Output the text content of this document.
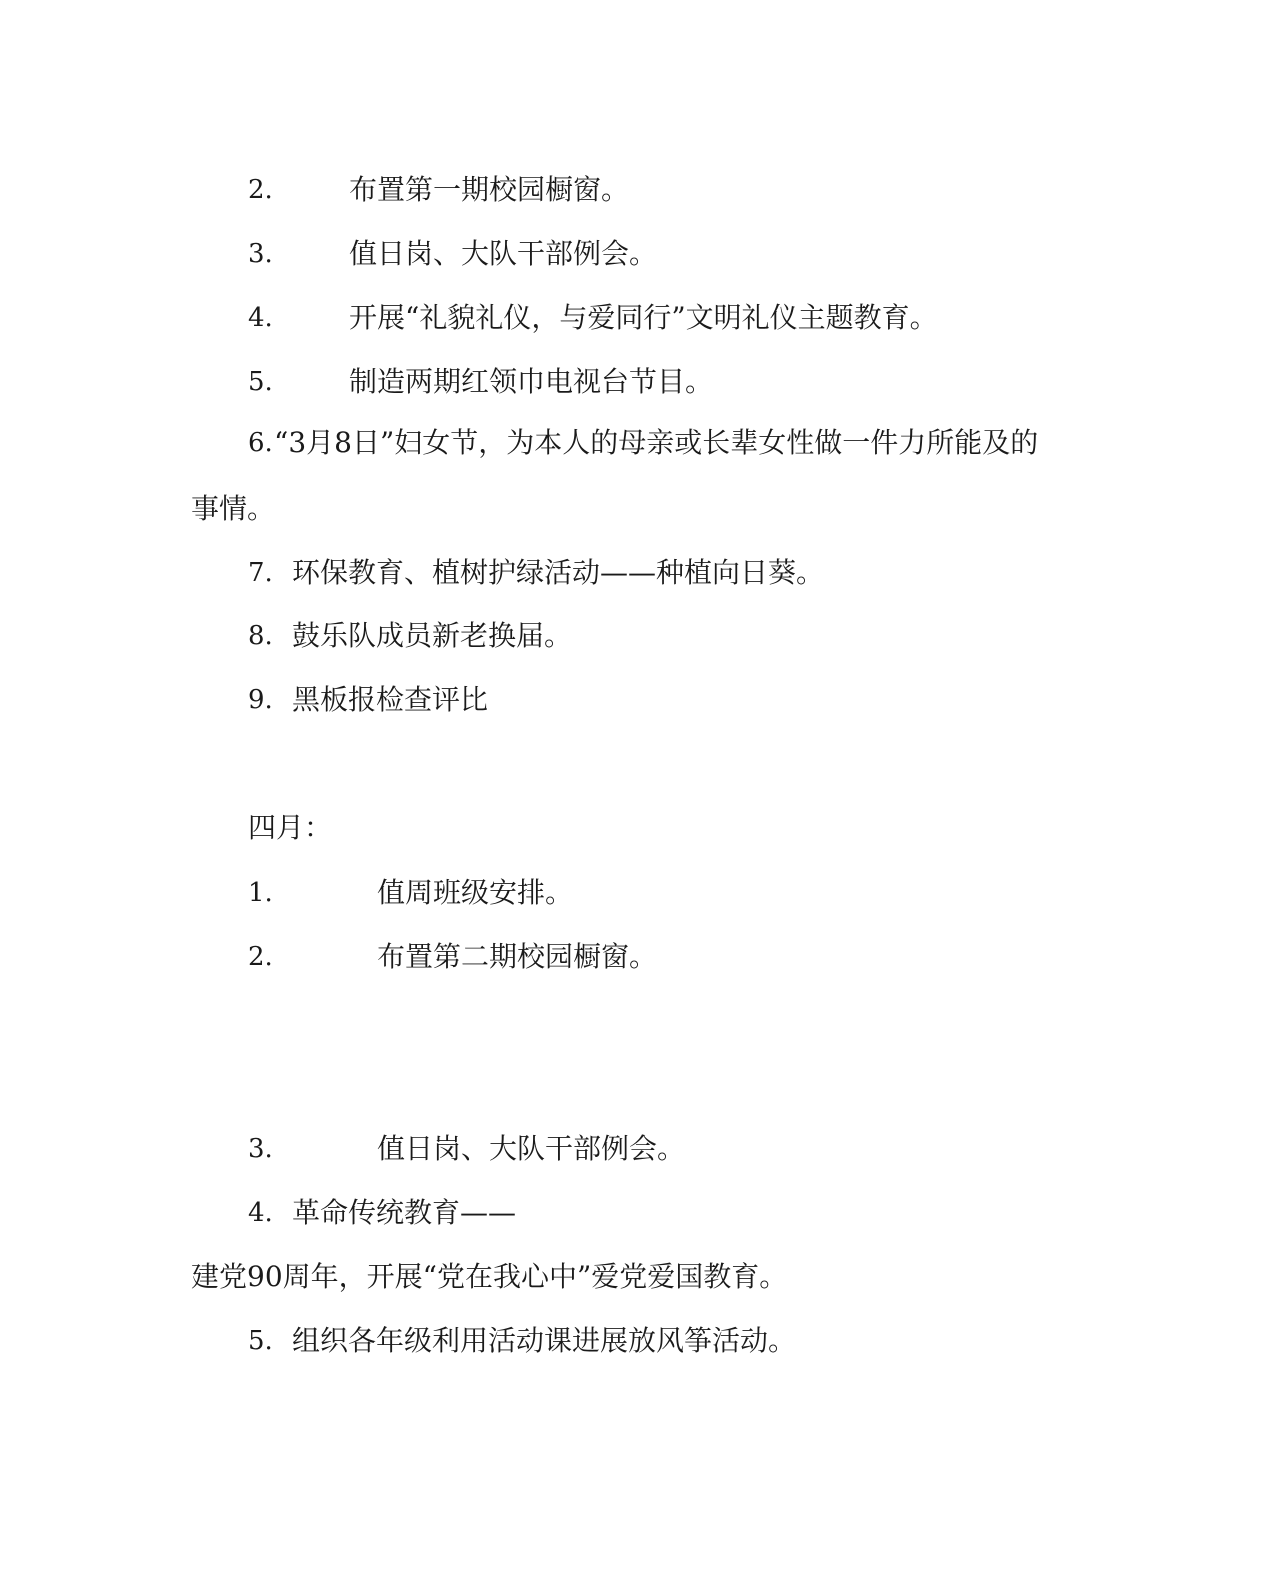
2.	布置第一期校园橱窗。
3.	值日岗、大队干部例会。
4.	开展“礼貌礼仪，与爱同行”文明礼仪主题教育。
5.	制造两期红领巾电视台节目。
6. “3月8日”妇女节，为本人的母亲或长辈女性做一件力所能及的
事情。
7. 环保教育、植树护绿活动——种植向日葵。
8. 鼓乐队成员新老换届。
9. 黑板报检查评比
四月：
1.	值周班级安排。
2.	布置第二期校园橱窗。
3.	值日岗、大队干部例会。
4. 革命传统教育——
建党90周年，开展“党在我心中”爱党爱国教育。
5. 组织各年级利用活动课进展放风筝活动。
